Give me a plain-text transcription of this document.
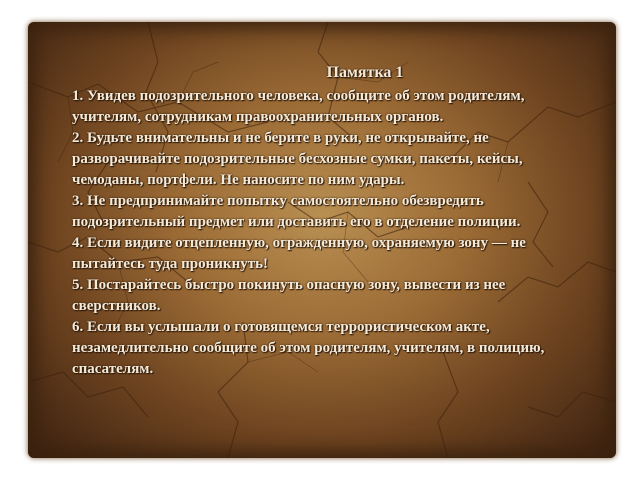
Памятка 1

1. Увидев подозрительного человека, сообщите об этом родителям, учителям, сотрудникам правоохранительных органов.

2. Будьте внимательны и не берите в руки, не открывайте, не разворачивайте подозрительные бесхозные сумки, пакеты, кейсы, чемоданы, портфели. Не наносите по ним удары.

3. Не предпринимайте попытку самостоятельно обезвредить подозрительный предмет или доставить его в отделение полиции.

4. Если видите отцепленную, огражденную, охраняемую зону — не пытайтесь туда проникнуть!

5. Постарайтесь быстро покинуть опасную зону, вывести из нее сверстников.

6. Если вы услышали о готовящемся террористическом акте, незамедлительно сообщите об этом родителям, учителям, в полицию, спасателям.
